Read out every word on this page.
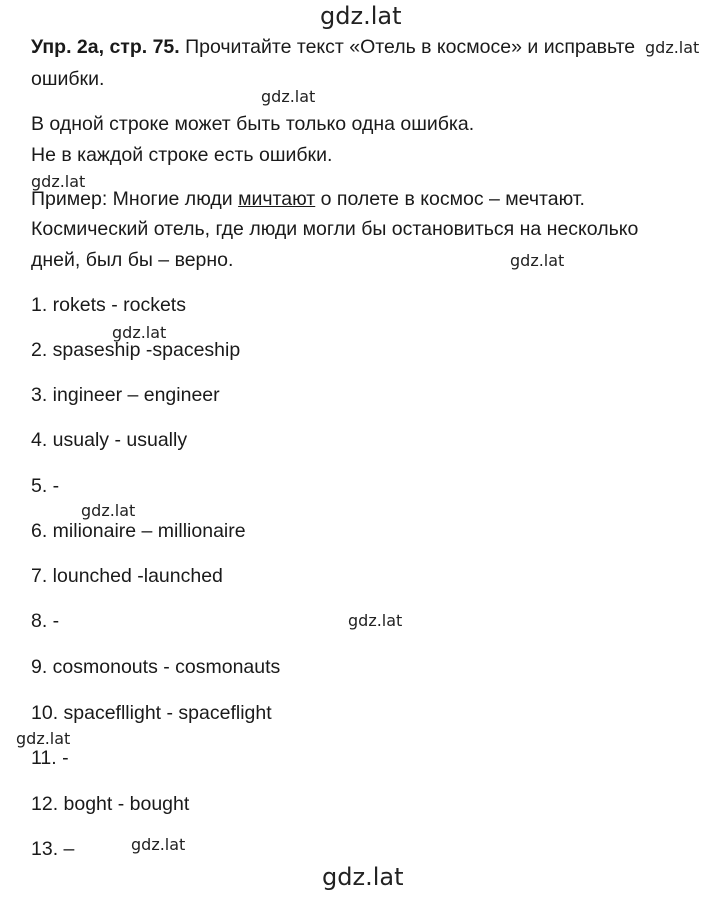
gdz.lat
gdz.lat
gdz.lat
gdz.lat
gdz.lat
gdz.lat
gdz.lat
gdz.lat
gdz.lat
gdz.lat
gdz.lat
Упр. 2а, стр. 75. Прочитайте текст «Отель в космосе» и исправьте
ошибки.
В одной строке может быть только одна ошибка.
Не в каждой строке есть ошибки.
Пример: Многие люди мичтают о полете в космос – мечтают.
Космический отель, где люди могли бы остановиться на несколько
дней, был бы – верно.
1. rokets - rockets
2. spaseship -spaceship
3. ingineer – engineer
4. usualy - usually
5. -
6. milionaire – millionaire
7. lounched -launched
8. -
9. cosmonouts - cosmonauts
10. spacefllight - spaceflight
11. -
12. boght - bought
13. –
